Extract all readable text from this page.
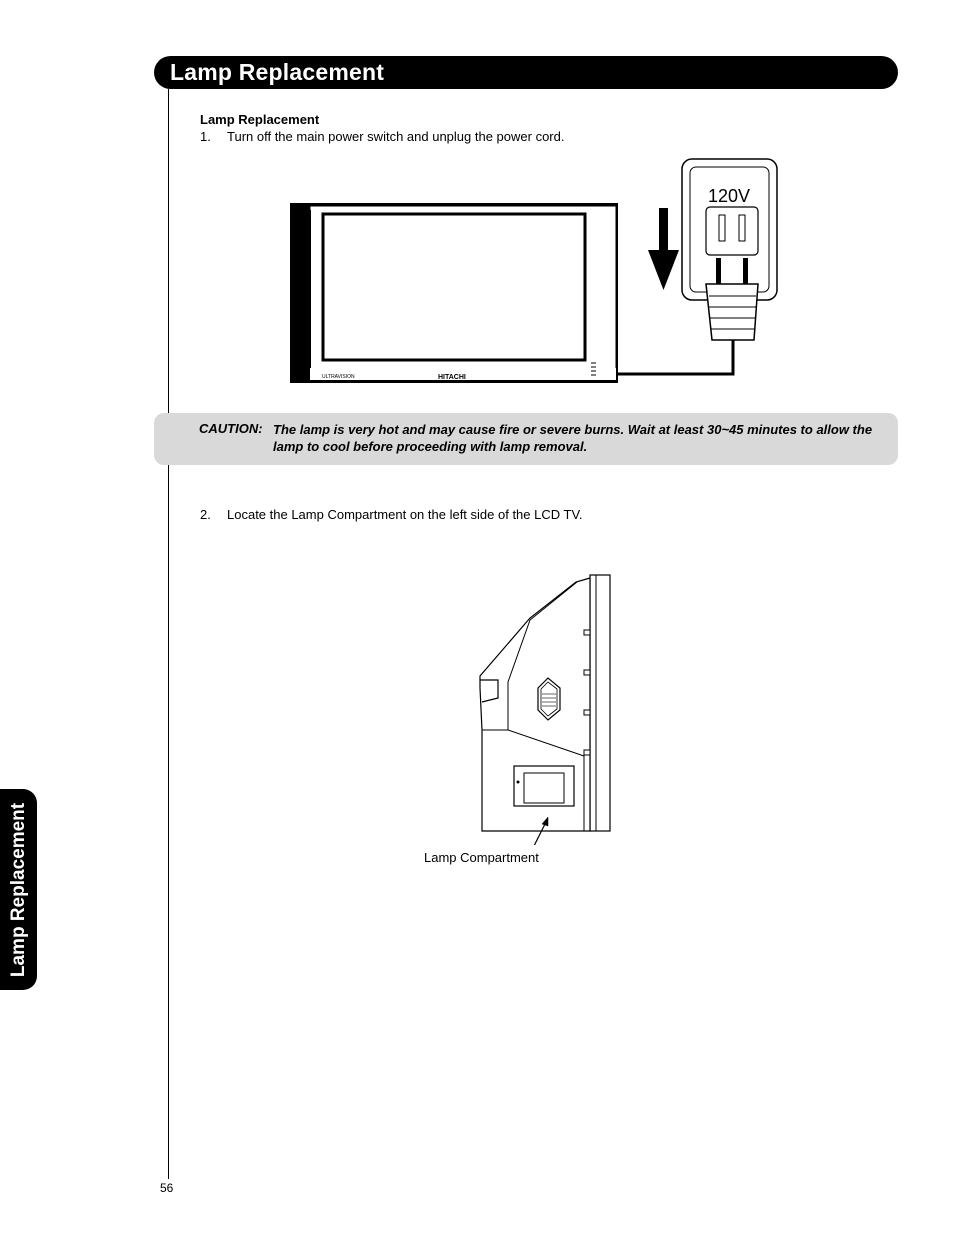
Lamp Replacement
Lamp Replacement
1. Turn off the main power switch and unplug the power cord.
ULTRAVISION	HITACHI
120V
CAUTION: The lamp is very hot and may cause fire or severe burns. Wait at least 30~45 minutes to allow the lamp to cool before proceeding with lamp removal.
2. Locate the Lamp Compartment on the left side of the LCD TV.
Lamp Compartment
Lamp Replacement
56
